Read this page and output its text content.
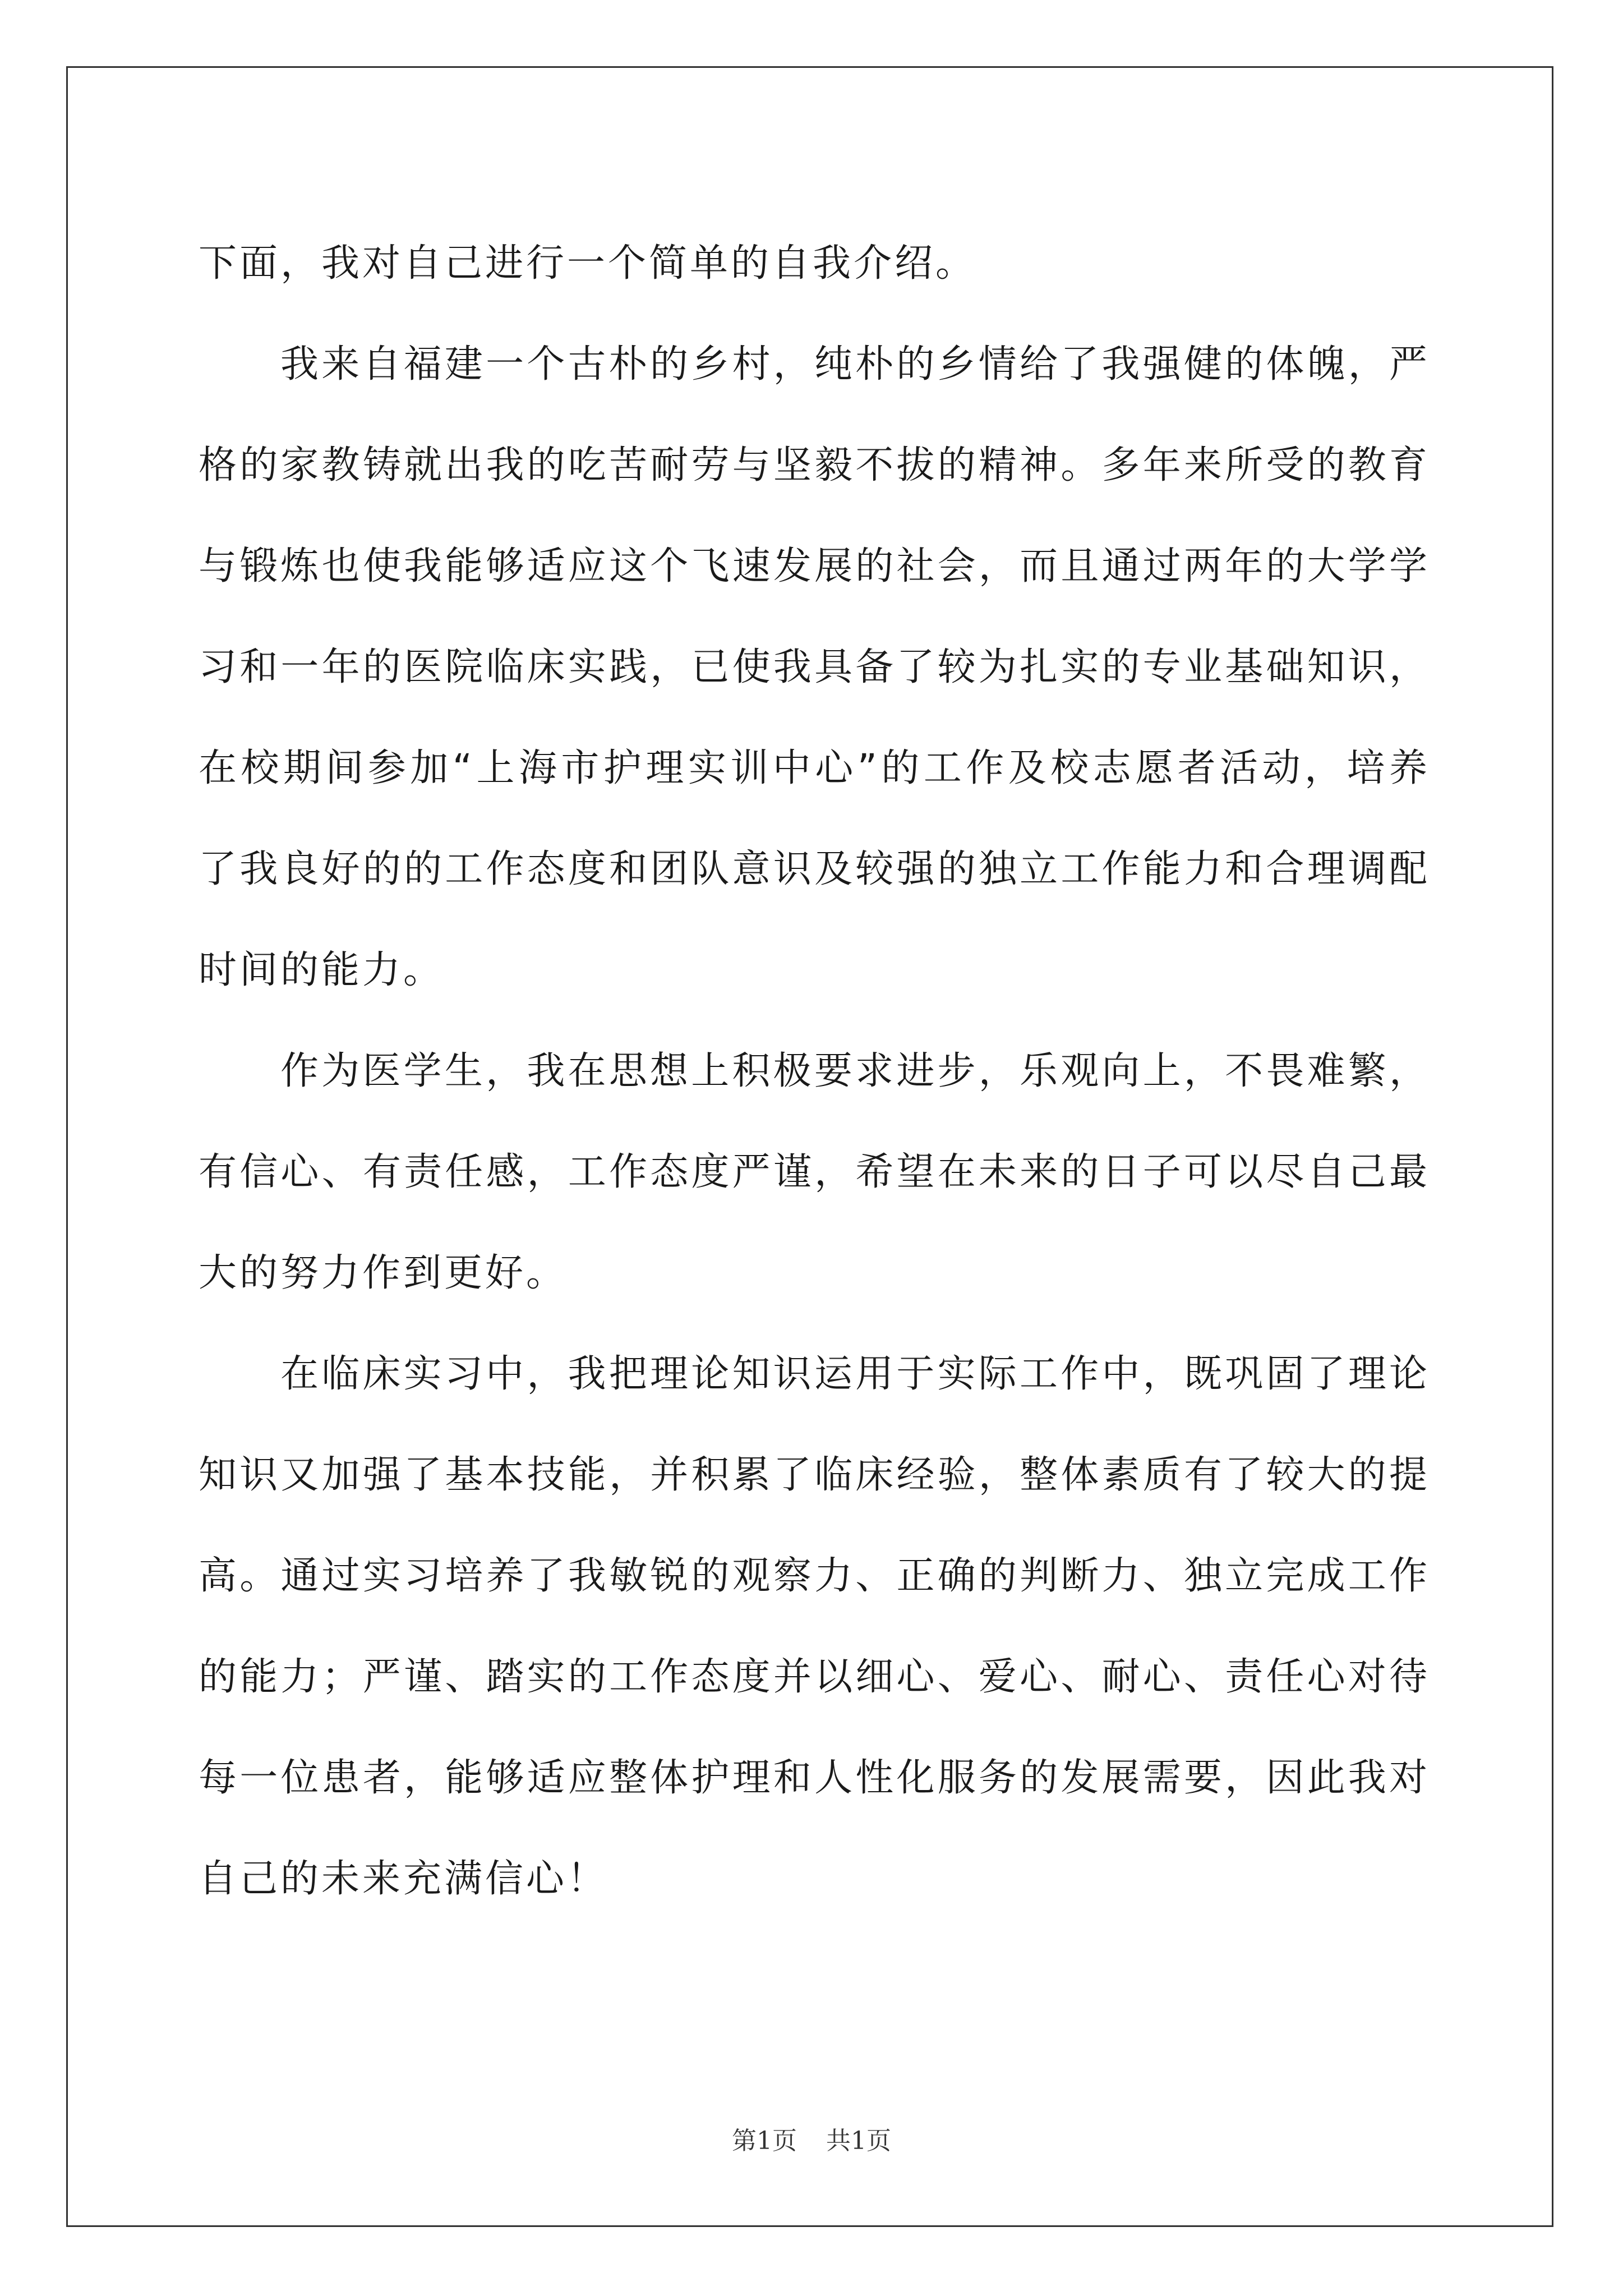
下面，我对自己进行一个简单的自我介绍。

我来自福建一个古朴的乡村，纯朴的乡情给了我强健的体魄，严格的家教铸就出我的吃苦耐劳与坚毅不拔的精神。多年来所受的教育与锻炼也使我能够适应这个飞速发展的社会，而且通过两年的大学学习和一年的医院临床实践，已使我具备了较为扎实的专业基础知识，在校期间参加“上海市护理实训中心”的工作及校志愿者活动，培养了我良好的的工作态度和团队意识及较强的独立工作能力和合理调配时间的能力。

作为医学生，我在思想上积极要求进步，乐观向上，不畏难繁，有信心、有责任感，工作态度严谨，希望在未来的日子可以尽自己最大的努力作到更好。

在临床实习中，我把理论知识运用于实际工作中，既巩固了理论知识又加强了基本技能，并积累了临床经验，整体素质有了较大的提高。通过实习培养了我敏锐的观察力、正确的判断力、独立完成工作的能力；严谨、踏实的工作态度并以细心、爱心、耐心、责任心对待每一位患者，能够适应整体护理和人性化服务的发展需要，因此我对自己的未来充满信心！

第1页 共1页
